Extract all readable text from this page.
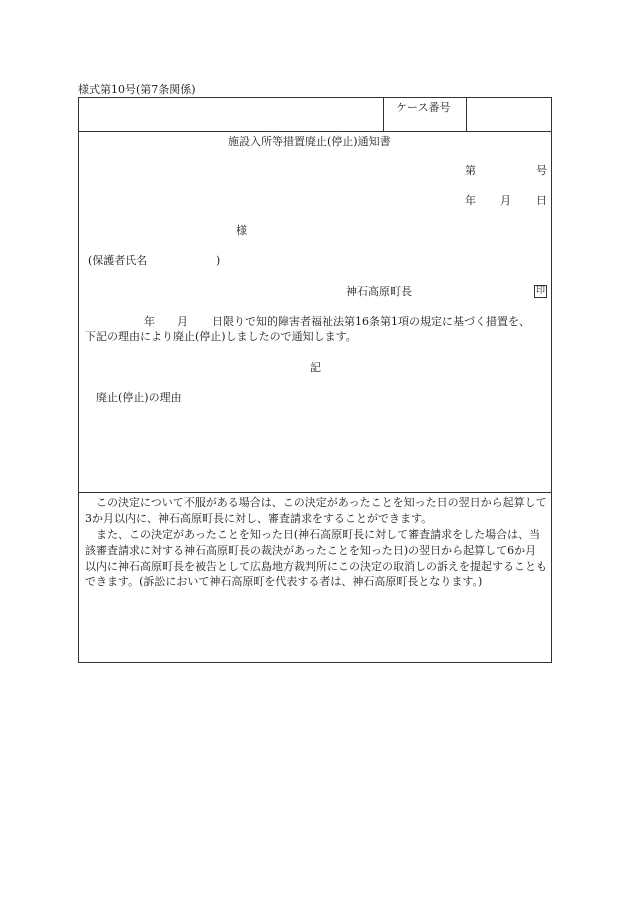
様式第10号(第7条関係)
ケース番号
施設入所等措置廃止(停止)通知書
第	号
年 月 日
様
(保護者氏名	)
神石高原町長	印
年 月 日限りで知的障害者福祉法第16条第1項の規定に基づく措置を、
下記の理由により廃止(停止)しましたので通知します。
記
廃止(停止)の理由
この決定について不服がある場合は、この決定があったことを知った日の翌日から起算して3か月以内に、神石高原町長に対し、審査請求をすることができます。
また、この決定があったことを知った日(神石高原町長に対して審査請求をした場合は、当該審査請求に対する神石高原町長の裁決があったことを知った日)の翌日から起算して6か月以内に神石高原町長を被告として広島地方裁判所にこの決定の取消しの訴えを提起することもできます。(訴訟において神石高原町を代表する者は、神石高原町長となります。)
